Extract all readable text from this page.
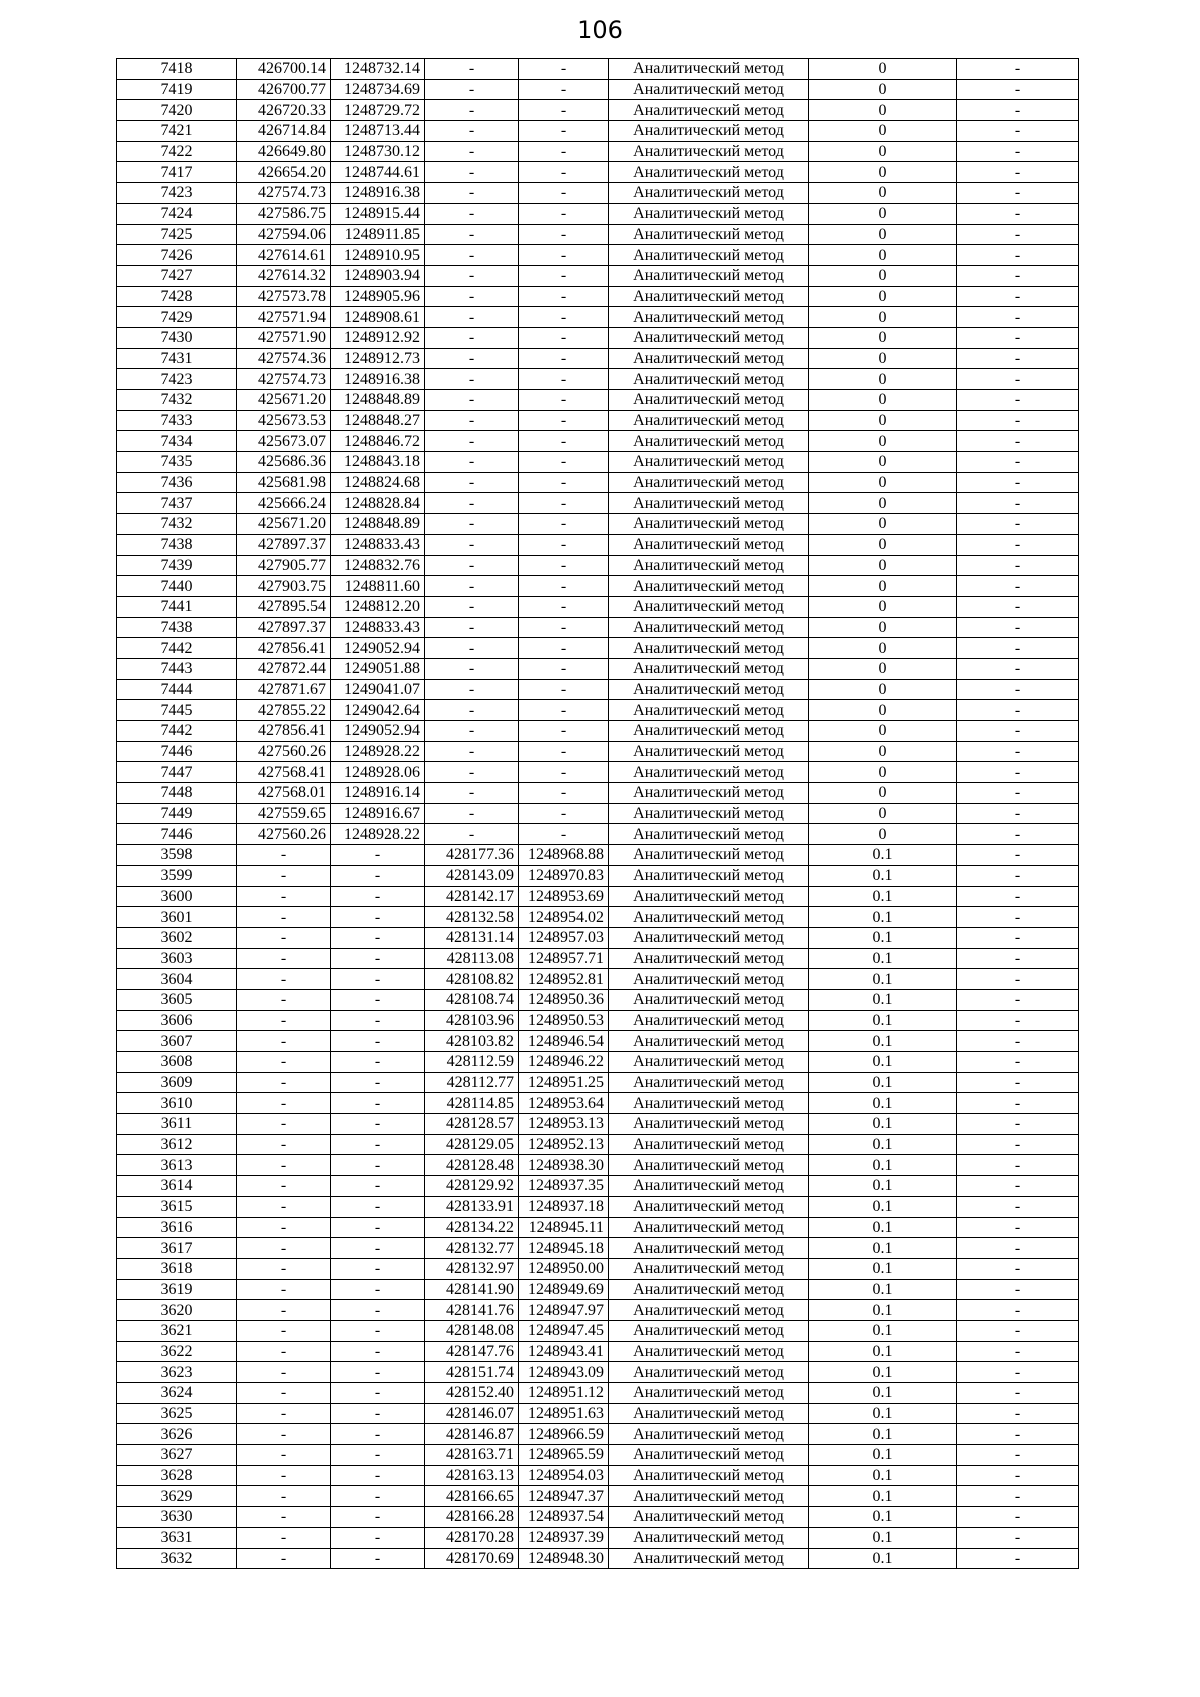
106
7418	426700.14	1248732.14	-	-	Аналитический метод	0	-
7419	426700.77	1248734.69	-	-	Аналитический метод	0	-
7420	426720.33	1248729.72	-	-	Аналитический метод	0	-
7421	426714.84	1248713.44	-	-	Аналитический метод	0	-
7422	426649.80	1248730.12	-	-	Аналитический метод	0	-
7417	426654.20	1248744.61	-	-	Аналитический метод	0	-
7423	427574.73	1248916.38	-	-	Аналитический метод	0	-
7424	427586.75	1248915.44	-	-	Аналитический метод	0	-
7425	427594.06	1248911.85	-	-	Аналитический метод	0	-
7426	427614.61	1248910.95	-	-	Аналитический метод	0	-
7427	427614.32	1248903.94	-	-	Аналитический метод	0	-
7428	427573.78	1248905.96	-	-	Аналитический метод	0	-
7429	427571.94	1248908.61	-	-	Аналитический метод	0	-
7430	427571.90	1248912.92	-	-	Аналитический метод	0	-
7431	427574.36	1248912.73	-	-	Аналитический метод	0	-
7423	427574.73	1248916.38	-	-	Аналитический метод	0	-
7432	425671.20	1248848.89	-	-	Аналитический метод	0	-
7433	425673.53	1248848.27	-	-	Аналитический метод	0	-
7434	425673.07	1248846.72	-	-	Аналитический метод	0	-
7435	425686.36	1248843.18	-	-	Аналитический метод	0	-
7436	425681.98	1248824.68	-	-	Аналитический метод	0	-
7437	425666.24	1248828.84	-	-	Аналитический метод	0	-
7432	425671.20	1248848.89	-	-	Аналитический метод	0	-
7438	427897.37	1248833.43	-	-	Аналитический метод	0	-
7439	427905.77	1248832.76	-	-	Аналитический метод	0	-
7440	427903.75	1248811.60	-	-	Аналитический метод	0	-
7441	427895.54	1248812.20	-	-	Аналитический метод	0	-
7438	427897.37	1248833.43	-	-	Аналитический метод	0	-
7442	427856.41	1249052.94	-	-	Аналитический метод	0	-
7443	427872.44	1249051.88	-	-	Аналитический метод	0	-
7444	427871.67	1249041.07	-	-	Аналитический метод	0	-
7445	427855.22	1249042.64	-	-	Аналитический метод	0	-
7442	427856.41	1249052.94	-	-	Аналитический метод	0	-
7446	427560.26	1248928.22	-	-	Аналитический метод	0	-
7447	427568.41	1248928.06	-	-	Аналитический метод	0	-
7448	427568.01	1248916.14	-	-	Аналитический метод	0	-
7449	427559.65	1248916.67	-	-	Аналитический метод	0	-
7446	427560.26	1248928.22	-	-	Аналитический метод	0	-
3598	-	-	428177.36	1248968.88	Аналитический метод	0.1	-
3599	-	-	428143.09	1248970.83	Аналитический метод	0.1	-
3600	-	-	428142.17	1248953.69	Аналитический метод	0.1	-
3601	-	-	428132.58	1248954.02	Аналитический метод	0.1	-
3602	-	-	428131.14	1248957.03	Аналитический метод	0.1	-
3603	-	-	428113.08	1248957.71	Аналитический метод	0.1	-
3604	-	-	428108.82	1248952.81	Аналитический метод	0.1	-
3605	-	-	428108.74	1248950.36	Аналитический метод	0.1	-
3606	-	-	428103.96	1248950.53	Аналитический метод	0.1	-
3607	-	-	428103.82	1248946.54	Аналитический метод	0.1	-
3608	-	-	428112.59	1248946.22	Аналитический метод	0.1	-
3609	-	-	428112.77	1248951.25	Аналитический метод	0.1	-
3610	-	-	428114.85	1248953.64	Аналитический метод	0.1	-
3611	-	-	428128.57	1248953.13	Аналитический метод	0.1	-
3612	-	-	428129.05	1248952.13	Аналитический метод	0.1	-
3613	-	-	428128.48	1248938.30	Аналитический метод	0.1	-
3614	-	-	428129.92	1248937.35	Аналитический метод	0.1	-
3615	-	-	428133.91	1248937.18	Аналитический метод	0.1	-
3616	-	-	428134.22	1248945.11	Аналитический метод	0.1	-
3617	-	-	428132.77	1248945.18	Аналитический метод	0.1	-
3618	-	-	428132.97	1248950.00	Аналитический метод	0.1	-
3619	-	-	428141.90	1248949.69	Аналитический метод	0.1	-
3620	-	-	428141.76	1248947.97	Аналитический метод	0.1	-
3621	-	-	428148.08	1248947.45	Аналитический метод	0.1	-
3622	-	-	428147.76	1248943.41	Аналитический метод	0.1	-
3623	-	-	428151.74	1248943.09	Аналитический метод	0.1	-
3624	-	-	428152.40	1248951.12	Аналитический метод	0.1	-
3625	-	-	428146.07	1248951.63	Аналитический метод	0.1	-
3626	-	-	428146.87	1248966.59	Аналитический метод	0.1	-
3627	-	-	428163.71	1248965.59	Аналитический метод	0.1	-
3628	-	-	428163.13	1248954.03	Аналитический метод	0.1	-
3629	-	-	428166.65	1248947.37	Аналитический метод	0.1	-
3630	-	-	428166.28	1248937.54	Аналитический метод	0.1	-
3631	-	-	428170.28	1248937.39	Аналитический метод	0.1	-
3632	-	-	428170.69	1248948.30	Аналитический метод	0.1	-
